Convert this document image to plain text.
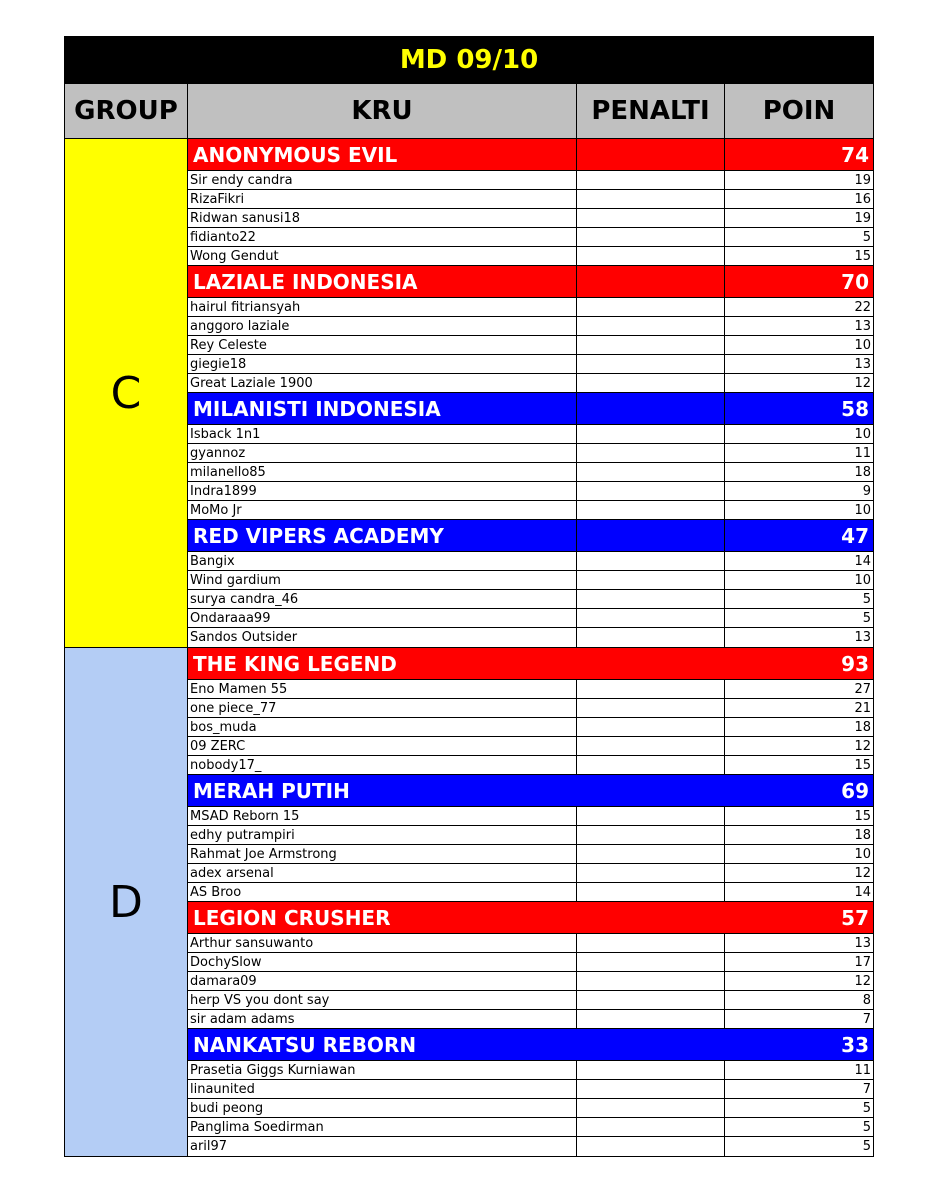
MD 09/10
GROUP	KRU	PENALTI	POIN
C
ANONYMOUS EVIL	74
Sir endy candra	19
RizaFikri	16
Ridwan sanusi18	19
fidianto22	5
Wong Gendut	15
LAZIALE INDONESIA	70
hairul fitriansyah	22
anggoro laziale	13
Rey Celeste	10
giegie18	13
Great Laziale 1900	12
MILANISTI INDONESIA	58
Isback 1n1	10
gyannoz	11
milanello85	18
Indra1899	9
MoMo Jr	10
RED VIPERS ACADEMY	47
Bangix	14
Wind gardium	10
surya candra_46	5
Ondaraaa99	5
Sandos Outsider	13
D
THE KING LEGEND	93
Eno Mamen 55	27
one piece_77	21
bos_muda	18
09 ZERC	12
nobody17_	15
MERAH PUTIH	69
MSAD Reborn 15	15
edhy putrampiri	18
Rahmat Joe Armstrong	10
adex arsenal	12
AS Broo	14
LEGION CRUSHER	57
Arthur sansuwanto	13
DochySlow	17
damara09	12
herp VS you dont say	8
sir adam adams	7
NANKATSU REBORN	33
Prasetia Giggs Kurniawan	11
linaunited	7
budi peong	5
Panglima Soedirman	5
aril97	5
